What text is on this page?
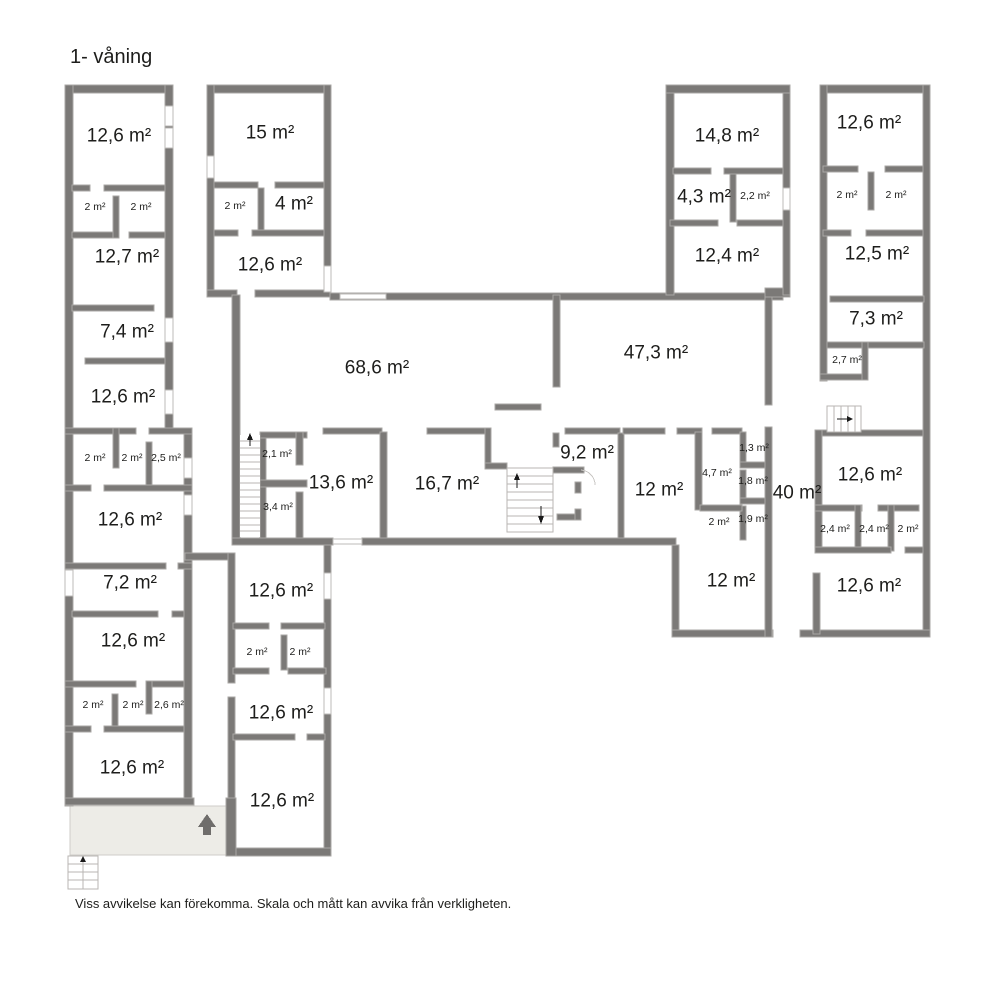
1- våning
Viss avvikelse kan förekomma. Skala och mått kan avvika från verkligheten.
12,6 m²
2 m² 2 m²
12,7 m²
7,4 m²
12,6 m²
2 m² 2 m² 2,5 m²
12,6 m²
7,2 m²
12,6 m²
2 m² 2 m² 2,6 m²
12,6 m²
15 m²
2 m² 4 m²
12,6 m²
68,6 m²
47,3 m²
2,1 m²
3,4 m²
13,6 m² 16,7 m²
9,2 m²
12 m²
4,7 m²
1,3 m²
1,8 m²
1,9 m²
2 m²
40 m²
12 m²
12,6 m²
2 m² 2 m²
12,6 m²
12,6 m²
14,8 m²
4,3 m² 2,2 m²
12,4 m²
12,6 m²
2 m²	2 m²
12,5 m²
7,3 m²
2,7 m²
12,6 m²
2,4 m² 2,4 m² 2 m²
12,6 m²
